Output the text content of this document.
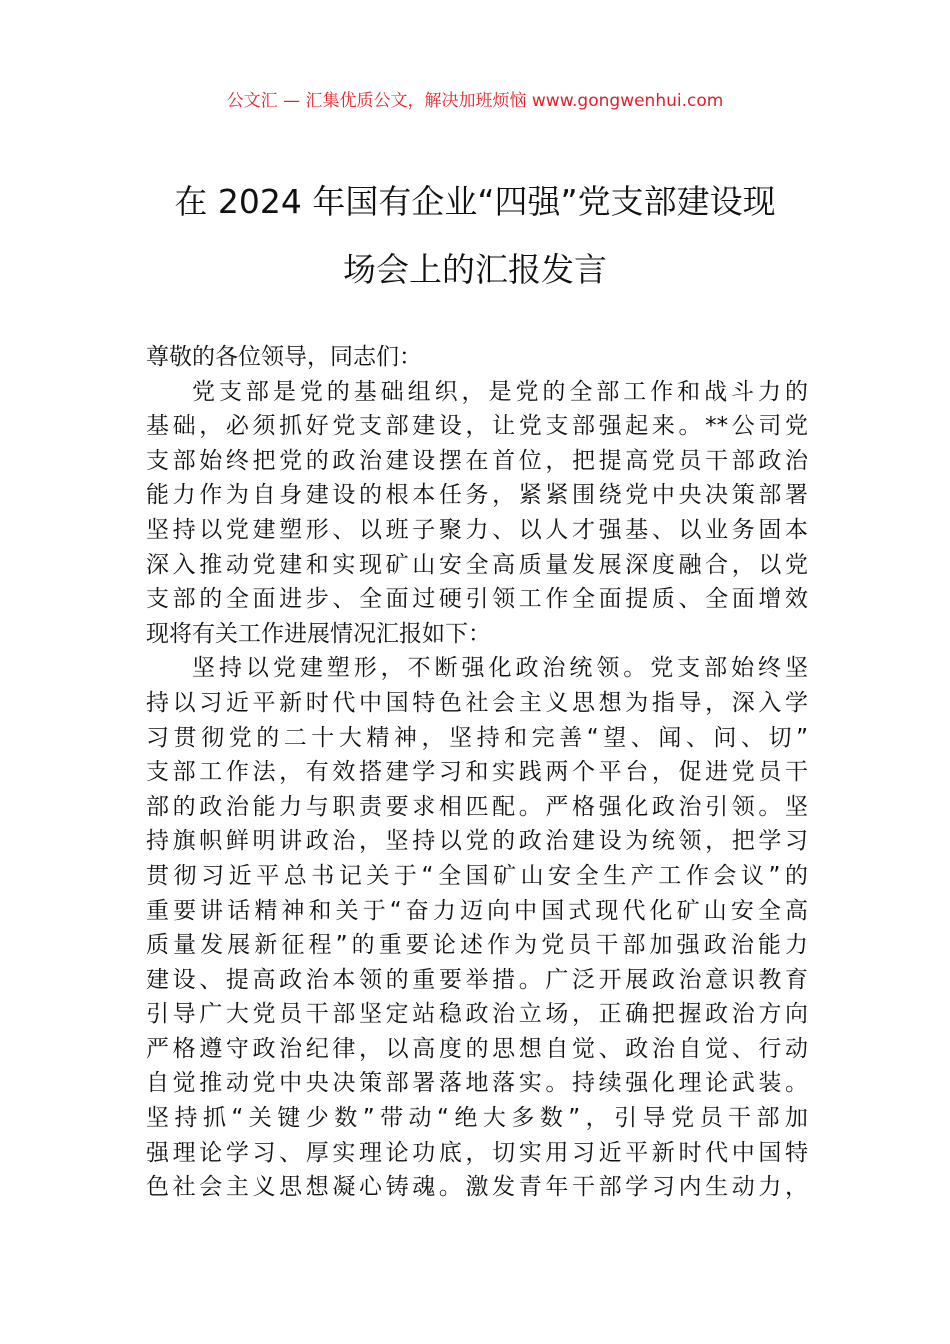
公文汇 — 汇集优质公文，解决加班烦恼 www.gongwenhui.com
在 2024 年国有企业“四强”党支部建设现
场会上的汇报发言
尊敬的各位领导，同志们：
党支部是党的基础组织，是党的全部工作和战斗力的
基础，必须抓好党支部建设，让党支部强起来。**公司党
支部始终把党的政治建设摆在首位，把提高党员干部政治
能力作为自身建设的根本任务，紧紧围绕党中央决策部署
坚持以党建塑形、以班子聚力、以人才强基、以业务固本
深入推动党建和实现矿山安全高质量发展深度融合，以党
支部的全面进步、全面过硬引领工作全面提质、全面增效
现将有关工作进展情况汇报如下：
坚持以党建塑形，不断强化政治统领。党支部始终坚
持以习近平新时代中国特色社会主义思想为指导，深入学
习贯彻党的二十大精神，坚持和完善“望、闻、问、切”
支部工作法，有效搭建学习和实践两个平台，促进党员干
部的政治能力与职责要求相匹配。严格强化政治引领。坚
持旗帜鲜明讲政治，坚持以党的政治建设为统领，把学习
贯彻习近平总书记关于“全国矿山安全生产工作会议”的
重要讲话精神和关于“奋力迈向中国式现代化矿山安全高
质量发展新征程”的重要论述作为党员干部加强政治能力
建设、提高政治本领的重要举措。广泛开展政治意识教育
引导广大党员干部坚定站稳政治立场，正确把握政治方向
严格遵守政治纪律，以高度的思想自觉、政治自觉、行动
自觉推动党中央决策部署落地落实。持续强化理论武装。
坚持抓“关键少数”带动“绝大多数”，引导党员干部加
强理论学习、厚实理论功底，切实用习近平新时代中国特
色社会主义思想凝心铸魂。激发青年干部学习内生动力，
